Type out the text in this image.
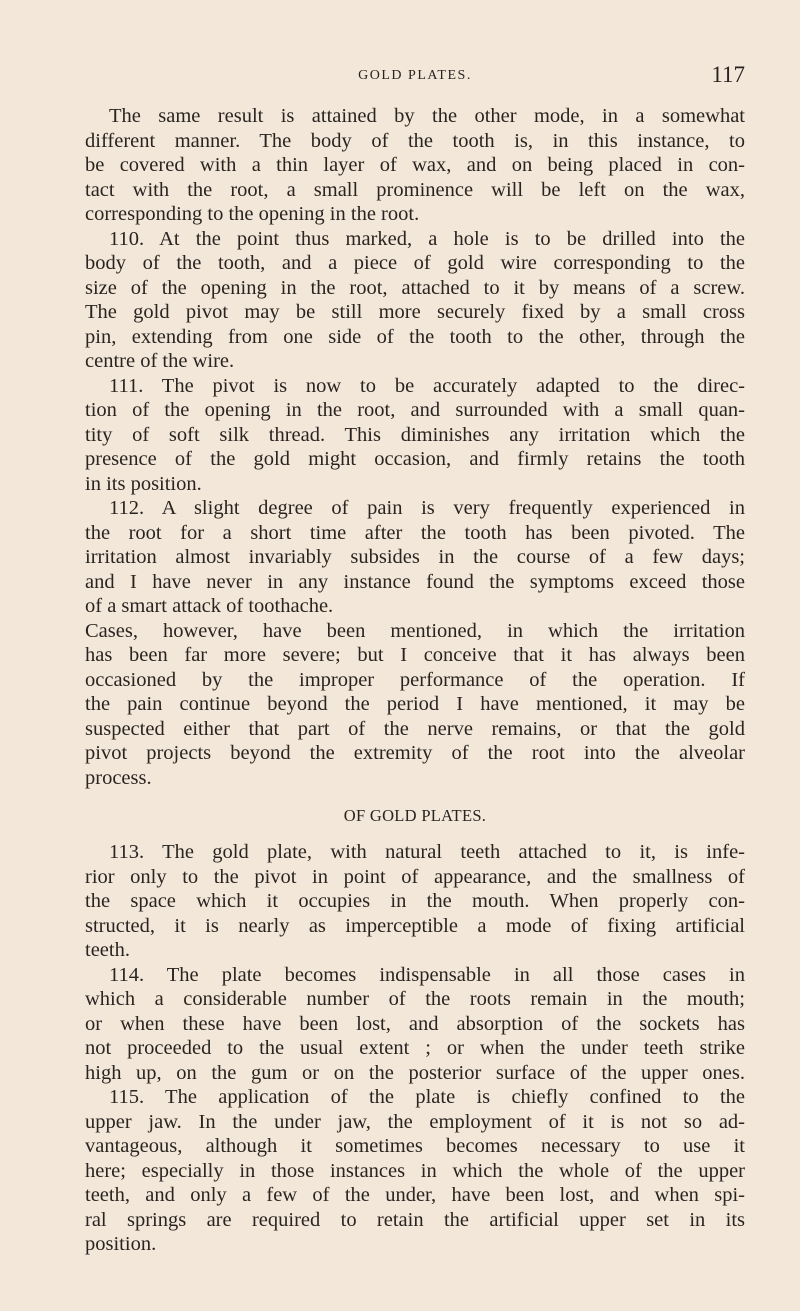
GOLD PLATES.	117
The same result is attained by the other mode, in a somewhat
different manner. The body of the tooth is, in this instance, to
be covered with a thin layer of wax, and on being placed in con-
tact with the root, a small prominence will be left on the wax,
corresponding to the opening in the root.
110. At the point thus marked, a hole is to be drilled into the
body of the tooth, and a piece of gold wire corresponding to the
size of the opening in the root, attached to it by means of a screw.
The gold pivot may be still more securely fixed by a small cross
pin, extending from one side of the tooth to the other, through the
centre of the wire.
111. The pivot is now to be accurately adapted to the direc-
tion of the opening in the root, and surrounded with a small quan-
tity of soft silk thread. This diminishes any irritation which the
presence of the gold might occasion, and firmly retains the tooth
in its position.
112. A slight degree of pain is very frequently experienced in
the root for a short time after the tooth has been pivoted. The
irritation almost invariably subsides in the course of a few days;
and I have never in any instance found the symptoms exceed those
of a smart attack of toothache.
Cases, however, have been mentioned, in which the irritation
has been far more severe; but I conceive that it has always been
occasioned by the improper performance of the operation. If
the pain continue beyond the period I have mentioned, it may be
suspected either that part of the nerve remains, or that the gold
pivot projects beyond the extremity of the root into the alveolar
process.
OF GOLD PLATES.
113. The gold plate, with natural teeth attached to it, is infe-
rior only to the pivot in point of appearance, and the smallness of
the space which it occupies in the mouth. When properly con-
structed, it is nearly as imperceptible a mode of fixing artificial
teeth.
114. The plate becomes indispensable in all those cases in
which a considerable number of the roots remain in the mouth;
or when these have been lost, and absorption of the sockets has
not proceeded to the usual extent ; or when the under teeth strike
high up, on the gum or on the posterior surface of the upper ones.
115. The application of the plate is chiefly confined to the
upper jaw. In the under jaw, the employment of it is not so ad-
vantageous, although it sometimes becomes necessary to use it
here; especially in those instances in which the whole of the upper
teeth, and only a few of the under, have been lost, and when spi-
ral springs are required to retain the artificial upper set in its
position.
